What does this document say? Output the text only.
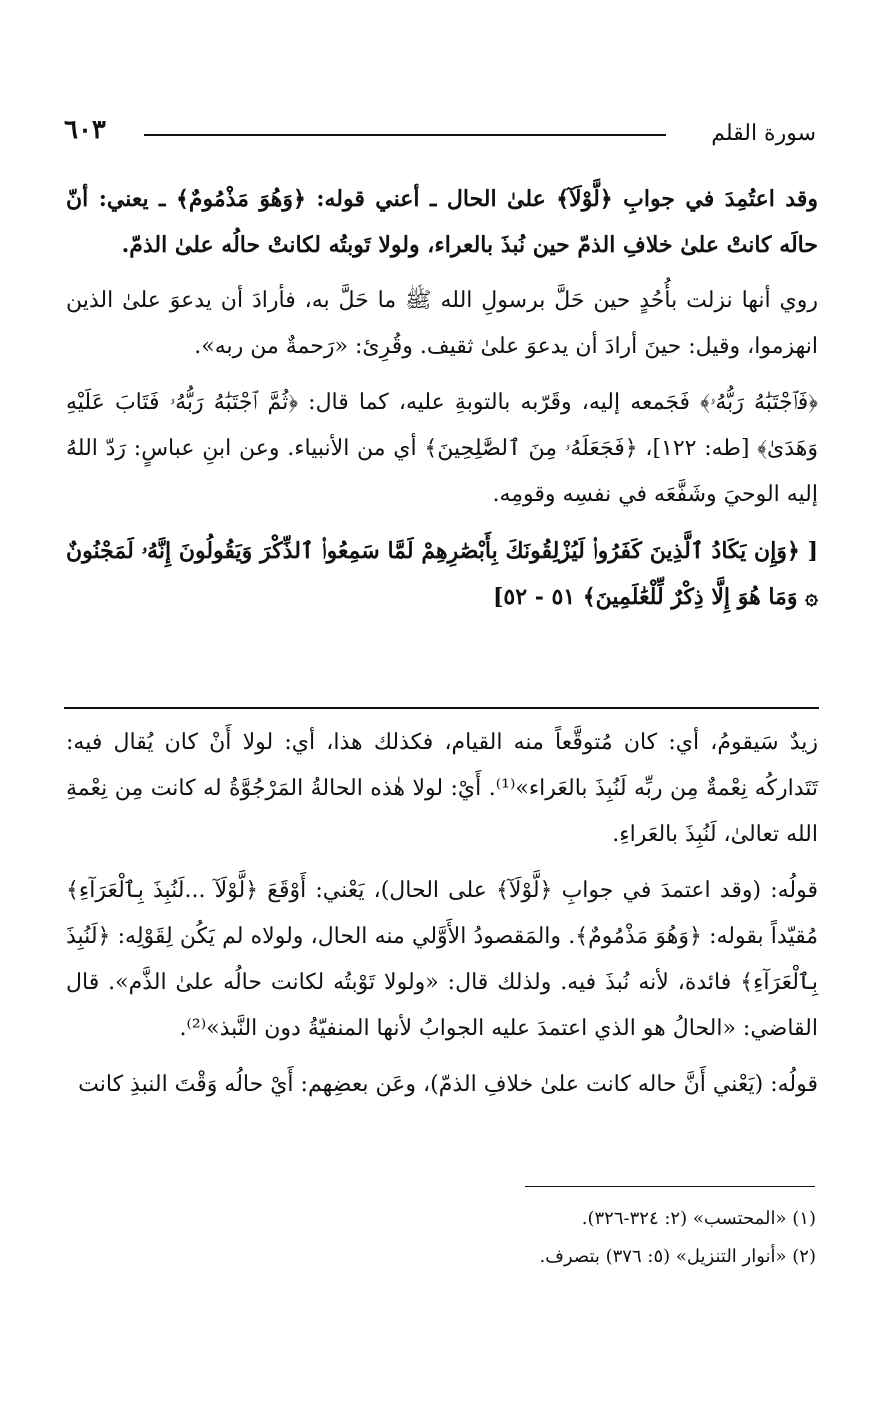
٦٠٣	سورة القلم

وقد اعتُمِدَ في جوابِ ﴿لَّوْلَآ﴾ علىٰ الحال ـ أعني قوله: ﴿وَهُوَ مَذْمُومٌ﴾ ـ يعني: أنّ حالَه كانتْ علىٰ خلافِ الذمّ حين نُبذَ بالعراء، ولولا تَوبتُه لكانتْ حالُه علىٰ الذمّ.

روي أنها نزلت بأُحُدٍ حين حَلَّ برسولِ الله ﷺ ما حَلَّ به، فأرادَ أن يدعوَ علىٰ الذين انهزموا، وقيل: حينَ أرادَ أن يدعوَ علىٰ ثقيف. وقُرِئ: «رَحمةٌ من ربه».

﴿فَٱجْتَبَٰهُ رَبُّهُۥ﴾ فَجَمعه إليه، وقَرّبه بالتوبةِ عليه، كما قال: ﴿ثُمَّ ٱجْتَبَٰهُ رَبُّهُۥ فَتَابَ عَلَيْهِ وَهَدَىٰ﴾ [طه: ١٢٢]، ﴿فَجَعَلَهُۥ مِنَ ٱلصَّٰلِحِينَ﴾ أي من الأنبياء. وعن ابنِ عباسٍ: رَدّ اللهُ إليه الوحيَ وشَفَّعَه في نفسِه وقومِه.

[ ﴿وَإِن يَكَادُ ٱلَّذِينَ كَفَرُوا۟ لَيُزْلِقُونَكَ بِأَبْصَٰرِهِمْ لَمَّا سَمِعُوا۟ ٱلذِّكْرَ وَيَقُولُونَ إِنَّهُۥ لَمَجْنُونٌ ۞ وَمَا هُوَ إِلَّا ذِكْرٌ لِّلْعَٰلَمِينَ﴾ ٥١ - ٥٢]

زيدٌ سَيقومُ، أي: كان مُتوقَّعاً منه القيام، فكذلك هذا، أي: لولا أَنْ كان يُقال فيه: تَتَداركُه نِعْمةٌ مِن ربِّه لَنُبِذَ بالعَراء»⁽¹⁾. أَيْ: لولا هٰذه الحالةُ المَرْجُوَّةُ له كانت مِن نِعْمةِ الله تعالىٰ، لَنُبِذَ بالعَراءِ.

قولُه: (وقد اعتمدَ في جوابِ ﴿لَّوْلَآ﴾ على الحال)، يَعْني: أَوْقَعَ ﴿لَّوْلَآ ...لَنُبِذَ بِٱلْعَرَآءِ﴾ مُقيّداً بقوله: ﴿وَهُوَ مَذْمُومٌ﴾. والمَقصودُ الأَوَّلي منه الحال، ولولاه لم يَكُن لِقَوْلِه: ﴿لَنُبِذَ بِٱلْعَرَآءِ﴾ فائدة، لأنه نُبذَ فيه. ولذلك قال: «ولولا تَوْبتُه لكانت حالُه علىٰ الذَّم». قال القاضي: «الحالُ هو الذي اعتمدَ عليه الجوابُ لأنها المنفيّةُ دون النَّبذ»⁽²⁾.

قولُه: (يَعْني أَنَّ حاله كانت علىٰ خلافِ الذمّ)، وعَن بعضِهم: أَيْ حالُه وَقْتَ النبذِ كانت

(١) «المحتسب» (٢: ٣٢٤-٣٢٦).

(٢) «أنوار التنزيل» (٥: ٣٧٦) بتصرف.
